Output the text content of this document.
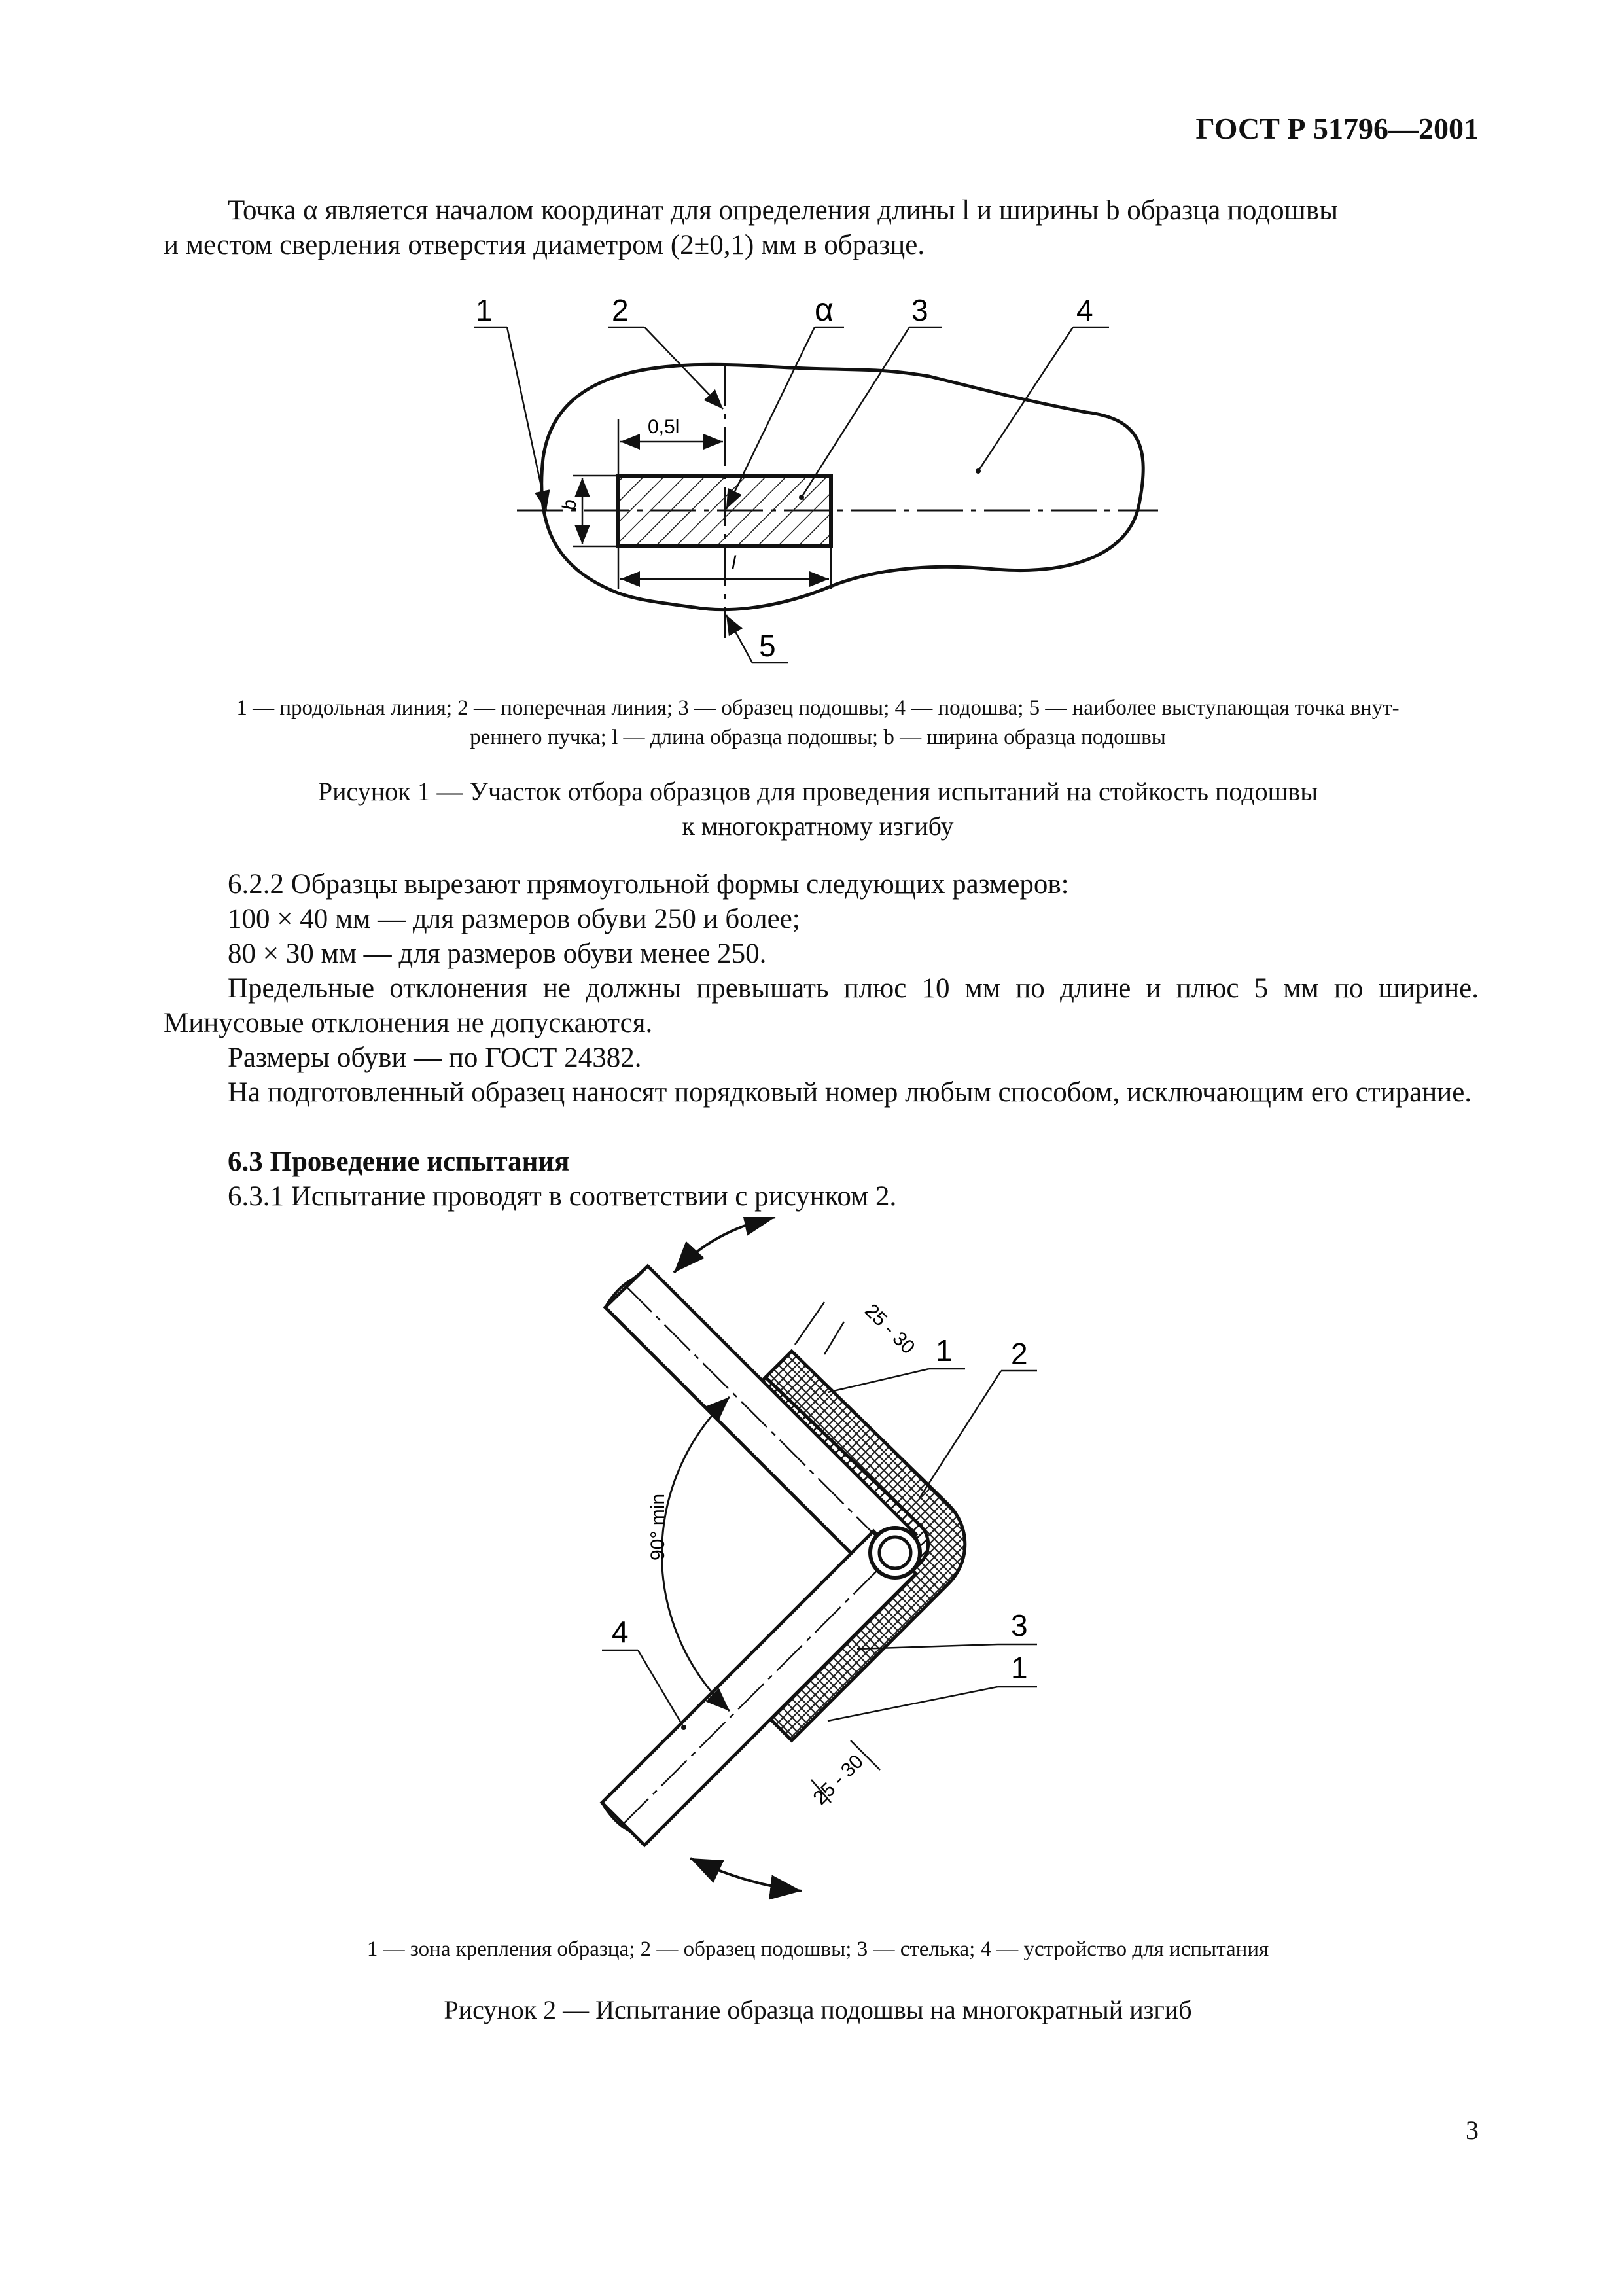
ГОСТ Р 51796—2001
Точка α является началом координат для определения длины l и ширины b образца подошвы
и местом сверления отверстия диаметром (2±0,1) мм в образце.
0,5l
b
l
1	2	α	3	4
5
1 — продольная линия; 2 — поперечная линия; 3 — образец подошвы; 4 — подошва; 5 — наиболее выступающая точка внут-
реннего пучка; l — длина образца подошвы; b — ширина образца подошвы
Рисунок 1 — Участок отбора образцов для проведения испытаний на стойкость подошвы
к многократному изгибу
6.2.2 Образцы вырезают прямоугольной формы следующих размеров:
100 × 40 мм — для размеров обуви 250 и более;
80 × 30 мм — для размеров обуви менее 250.
Предельные отклонения не должны превышать плюс 10 мм по длине и плюс 5 мм по ширине. Минусовые отклонения не допускаются.
Размеры обуви — по ГОСТ 24382.
На подготовленный образец наносят порядковый номер любым способом, исключающим его стирание.
6.3 Проведение испытания
6.3.1 Испытание проводят в соответствии с рисунком 2.
90° min
25 - 30
25 - 30
1 2
3
1
4
1 — зона крепления образца; 2 — образец подошвы; 3 — стелька; 4 — устройство для испытания
Рисунок 2 — Испытание образца подошвы на многократный изгиб
3
